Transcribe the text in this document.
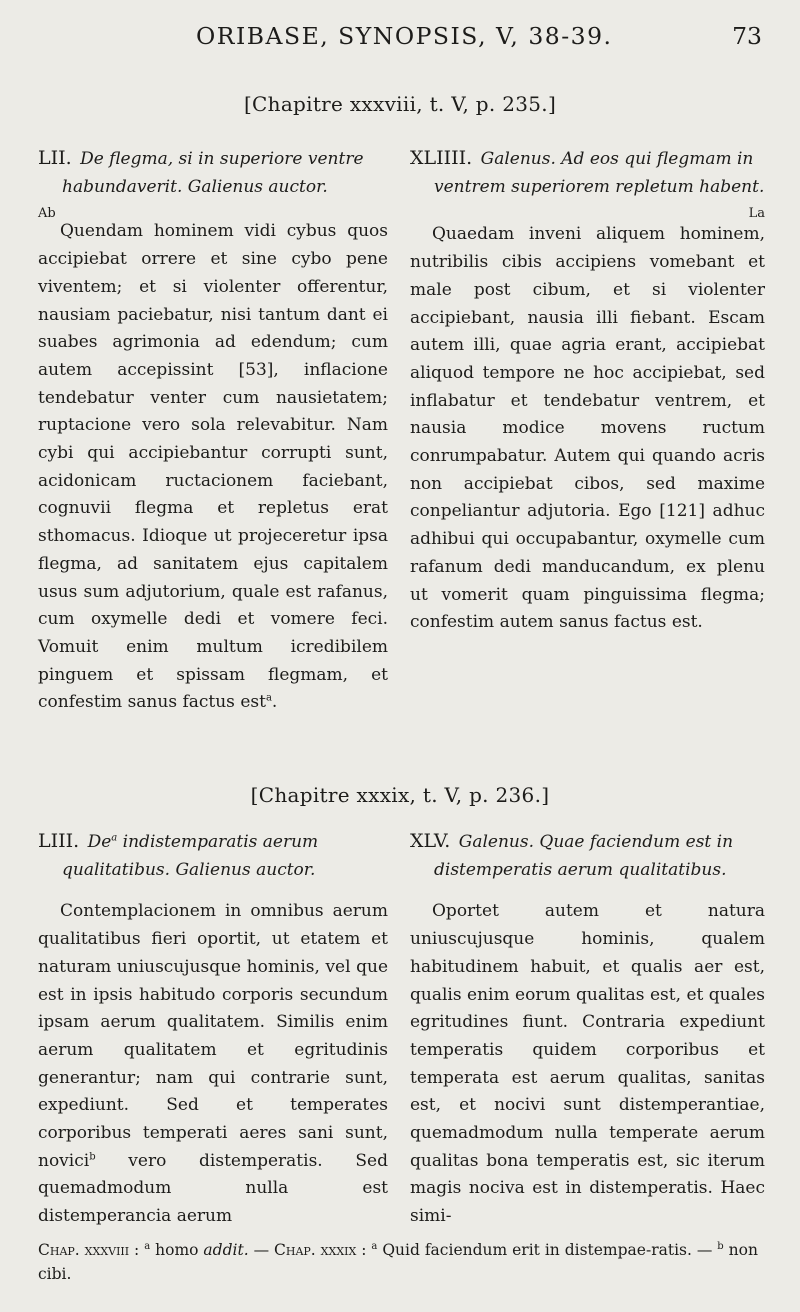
ORIBASE, SYNOPSIS, V, 38-39.	73
[Chapitre xxxviii, t. V, p. 235.]
LII. De flegma, si in superiore ventre
habundaverit. Galienus auctor.
Ab
Quendam hominem vidi cybus quos accipiebat orrere et sine cybo pene viventem; et si violenter offerentur, nausiam paciebatur, nisi tantum dant ei suabes agrimonia ad edendum; cum autem accepissint [53], inflacione tendebatur venter cum nausietatem; ruptacione vero sola relevabitur. Nam cybi qui accipiebantur corrupti sunt, acidonicam ructacionem faciebant, cognuvii flegma et repletus erat sthomacus. Idioque ut projeceretur ipsa flegma, ad sanitatem ejus capitalem usus sum adjutorium, quale est rafanus, cum oxymelle dedi et vomere feci. Vomuit enim multum icredibilem pinguem et spissam flegmam, et confestim sanus factus est$^a$.
XLIIII. Galenus. Ad eos qui flegmam in
ventrem superiorem repletum habent.
La
Quaedam inveni aliquem hominem, nutribilis cibis accipiens vomebant et male post cibum, et si violenter accipiebant, nausia illi fiebant. Escam autem illi, quae agria erant, accipiebat aliquod tempore ne hoc accipiebat, sed inflabatur et tendebatur ventrem, et nausia modice movens ructum conrumpabatur. Autem qui quando acris non accipiebat cibos, sed maxime conpeliantur adjutoria. Ego [121] adhuc adhibui qui occupabantur, oxymelle cum rafanum dedi manducandum, ex plenu ut vomerit quam pinguissima flegma; confestim autem sanus factus est.
[Chapitre xxxix, t. V, p. 236.]
LIII. De$^a$ indistemparatis aerum
qualitatibus. Galienus auctor.
Contemplacionem in omnibus aerum qualitatibus fieri oportit, ut etatem et naturam uniuscujusque hominis, vel que est in ipsis habitudo corporis secundum ipsam aerum qualitatem. Similis enim aerum qualitatem et egritudinis generantur; nam qui contrarie sunt, expediunt. Sed et temperates corporibus temperati aeres sani sunt, novici$^b$ vero distemperatis. Sed quemadmodum nulla est distemperancia aerum
XLV. Galenus. Quae faciendum est in
distemperatis aerum qualitatibus.
Oportet autem et natura uniuscujusque hominis, qualem habitudinem habuit, et qualis aer est, qualis enim eorum qualitas est, et quales egritudines fiunt. Contraria expediunt temperatis quidem corporibus et temperata est aerum qualitas, sanitas est, et nocivi sunt distemperantiae, quemadmodum nulla temperate aerum qualitas bona temperatis est, sic iterum magis nociva est in distemperatis. Haec simi-
Chap. xxxviii : $^a$ homo addit. — Chap. xxxix : $^a$ Quid faciendum erit in distempae-ratis. — $^b$ non cibi.
